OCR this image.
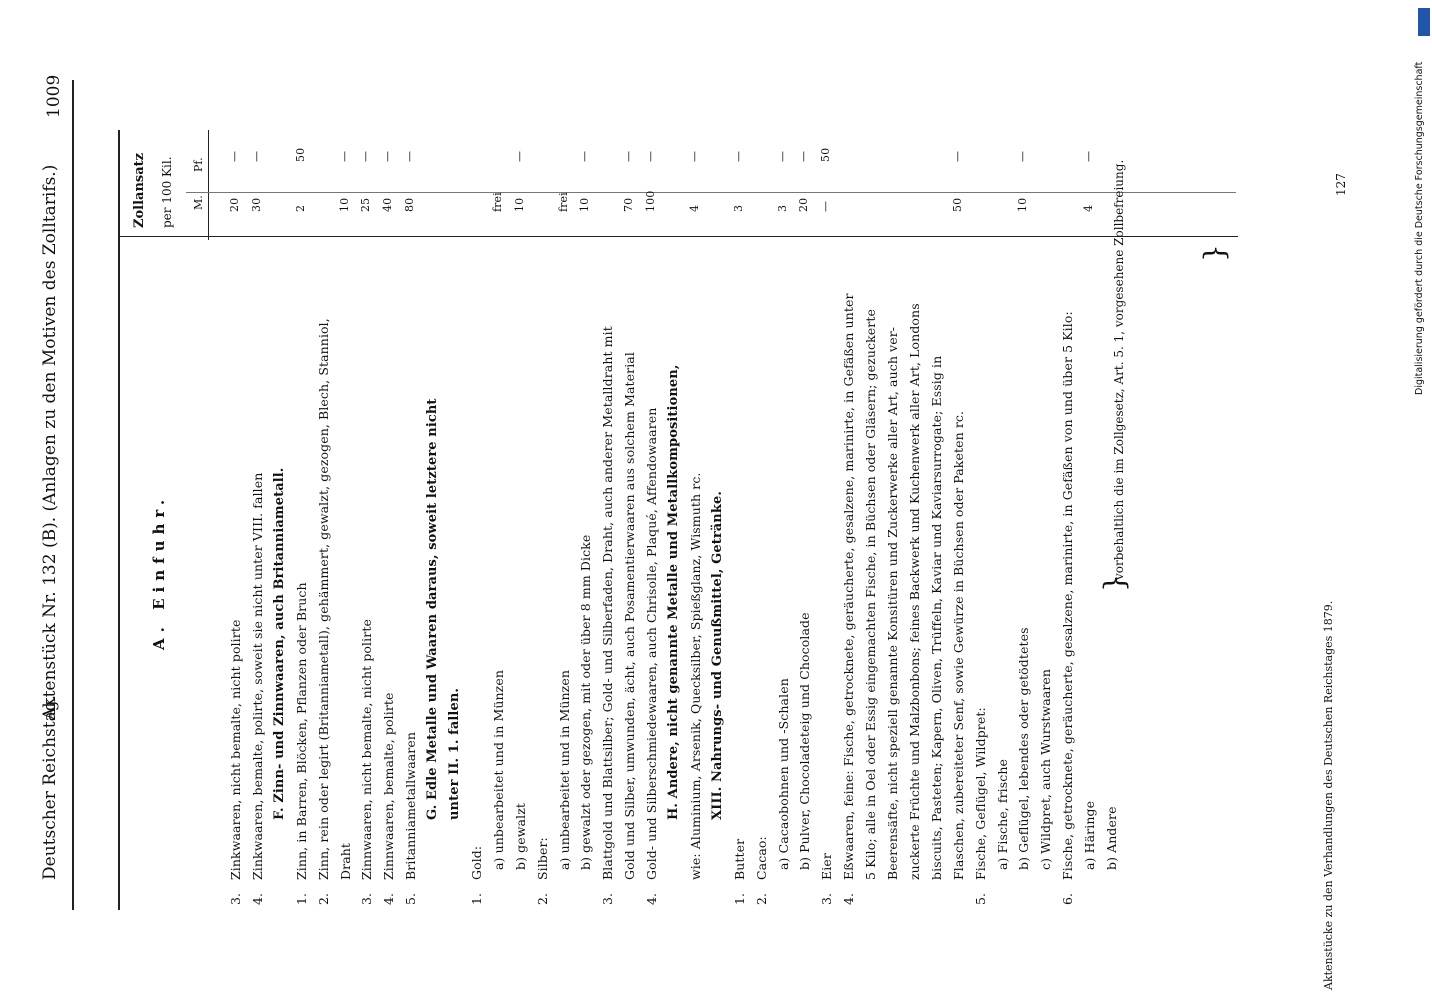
Deutscher Reichstag.
Aktenstück Nr. 132 (B). (Anlagen zu den Motiven des Zolltarifs.)
1009
A. Einfuhr.
Zollansatz per 100 Kil. M.
Pf.
3.
Zinkwaaren, nicht bemalte, nicht polirte
20
—
4.
Zinkwaaren, bemalte, polirte, soweit sie nicht unter VIII. fallen
30
—
F. Zinn- und Zinnwaaren, auch Britanniametall.
1.
Zinn, in Barren, Blöcken, Pflanzen oder Bruch
2
50
2.
Zinn, rein oder legirt (Britanniametall), gehämmert, gewalzt, gezogen, Blech, Stanniol, Draht
10
—
3.
Zinnwaaren, nicht bemalte, nicht polirte
25
—
4.
Zinnwaaren, bemalte, polirte
40
—
5.
Britanniametallwaaren
80
—
G. Edle Metalle und Waaren daraus, soweit letztere nicht unter II. 1. fallen.
1.
Gold: a) unbearbeitet und in Münzen
frei
b) gewalzt
10
—
2.
Silber: a) unbearbeitet und in Münzen
frei
b) gewalzt oder gezogen, mit oder über 8 mm Dicke
10
—
3.
Blattgold und Blattsilber; Gold- und Silberfaden, Draht, auch anderer Metalldraht mit Gold und Silber, umwunden, ächt, auch Posamentierwaaren aus solchem Material
70
—
4.
Gold- und Silberschmiedewaaren, auch Chrisolle, Plaqué, Affendowaaren
100
—
H. Andere, nicht genannte Metalle und Metallkompositionen, wie: Aluminium, Arsenik, Quecksilber, Spießglanz, Wismuth rc.
4
—
XIII. Nahrungs- und Genußmittel, Getränke.
1.
Butter
3
—
2.
Cacao: a) Cacaobohnen und -Schalen
3
—
b) Pulver, Chocoladeteig und Chocolade
20
—
3.
Eier
—
50
4.
Eßwaaren, feine: Fische, getrocknete, geräucherte, gesalzene, marinirte, in Gefäßen unter 5 Kilo; alle in Oel oder Essig eingemachten Fische, in Büchsen oder Gläsern; gezuckerte Beerensäfte, nicht speziell genannte Konsitüren und Zuckerwerke aller Art, auch ver- zuckerte Früchte und Malzbonbons; feines Backwerk und Kuchenwerk aller Art, Londons biscuits, Pasteten; Kapern, Oliven, Trüffeln, Kaviar und Kaviarsurrogate; Essig in Flaschen, zubereiteter Senf, sowie Gewürze in Büchsen oder Paketen rc.
50
—
5.
Fische, Geflügel, Wildpret: a) Fische, frische b) Geflügel, lebendes oder getödtetes
10
—
c) Wildpret, auch Wurstwaaren
6.
Fische, getrocknete, geräucherte, gesalzene, marinirte, in Gefäßen von und über 5 Kilo: a) Häringe
4
—
b) Andere
vorbehaltlich die im Zollgesetz, Art. 5. 1, vorgesehene Zollbefreiung.
}
}
Aktenstücke zu den Verhandlungen des Deutschen Reichstages 1879.
127	Digitalisierung gefördert durch die Deutsche Forschungsgemeinschaft
